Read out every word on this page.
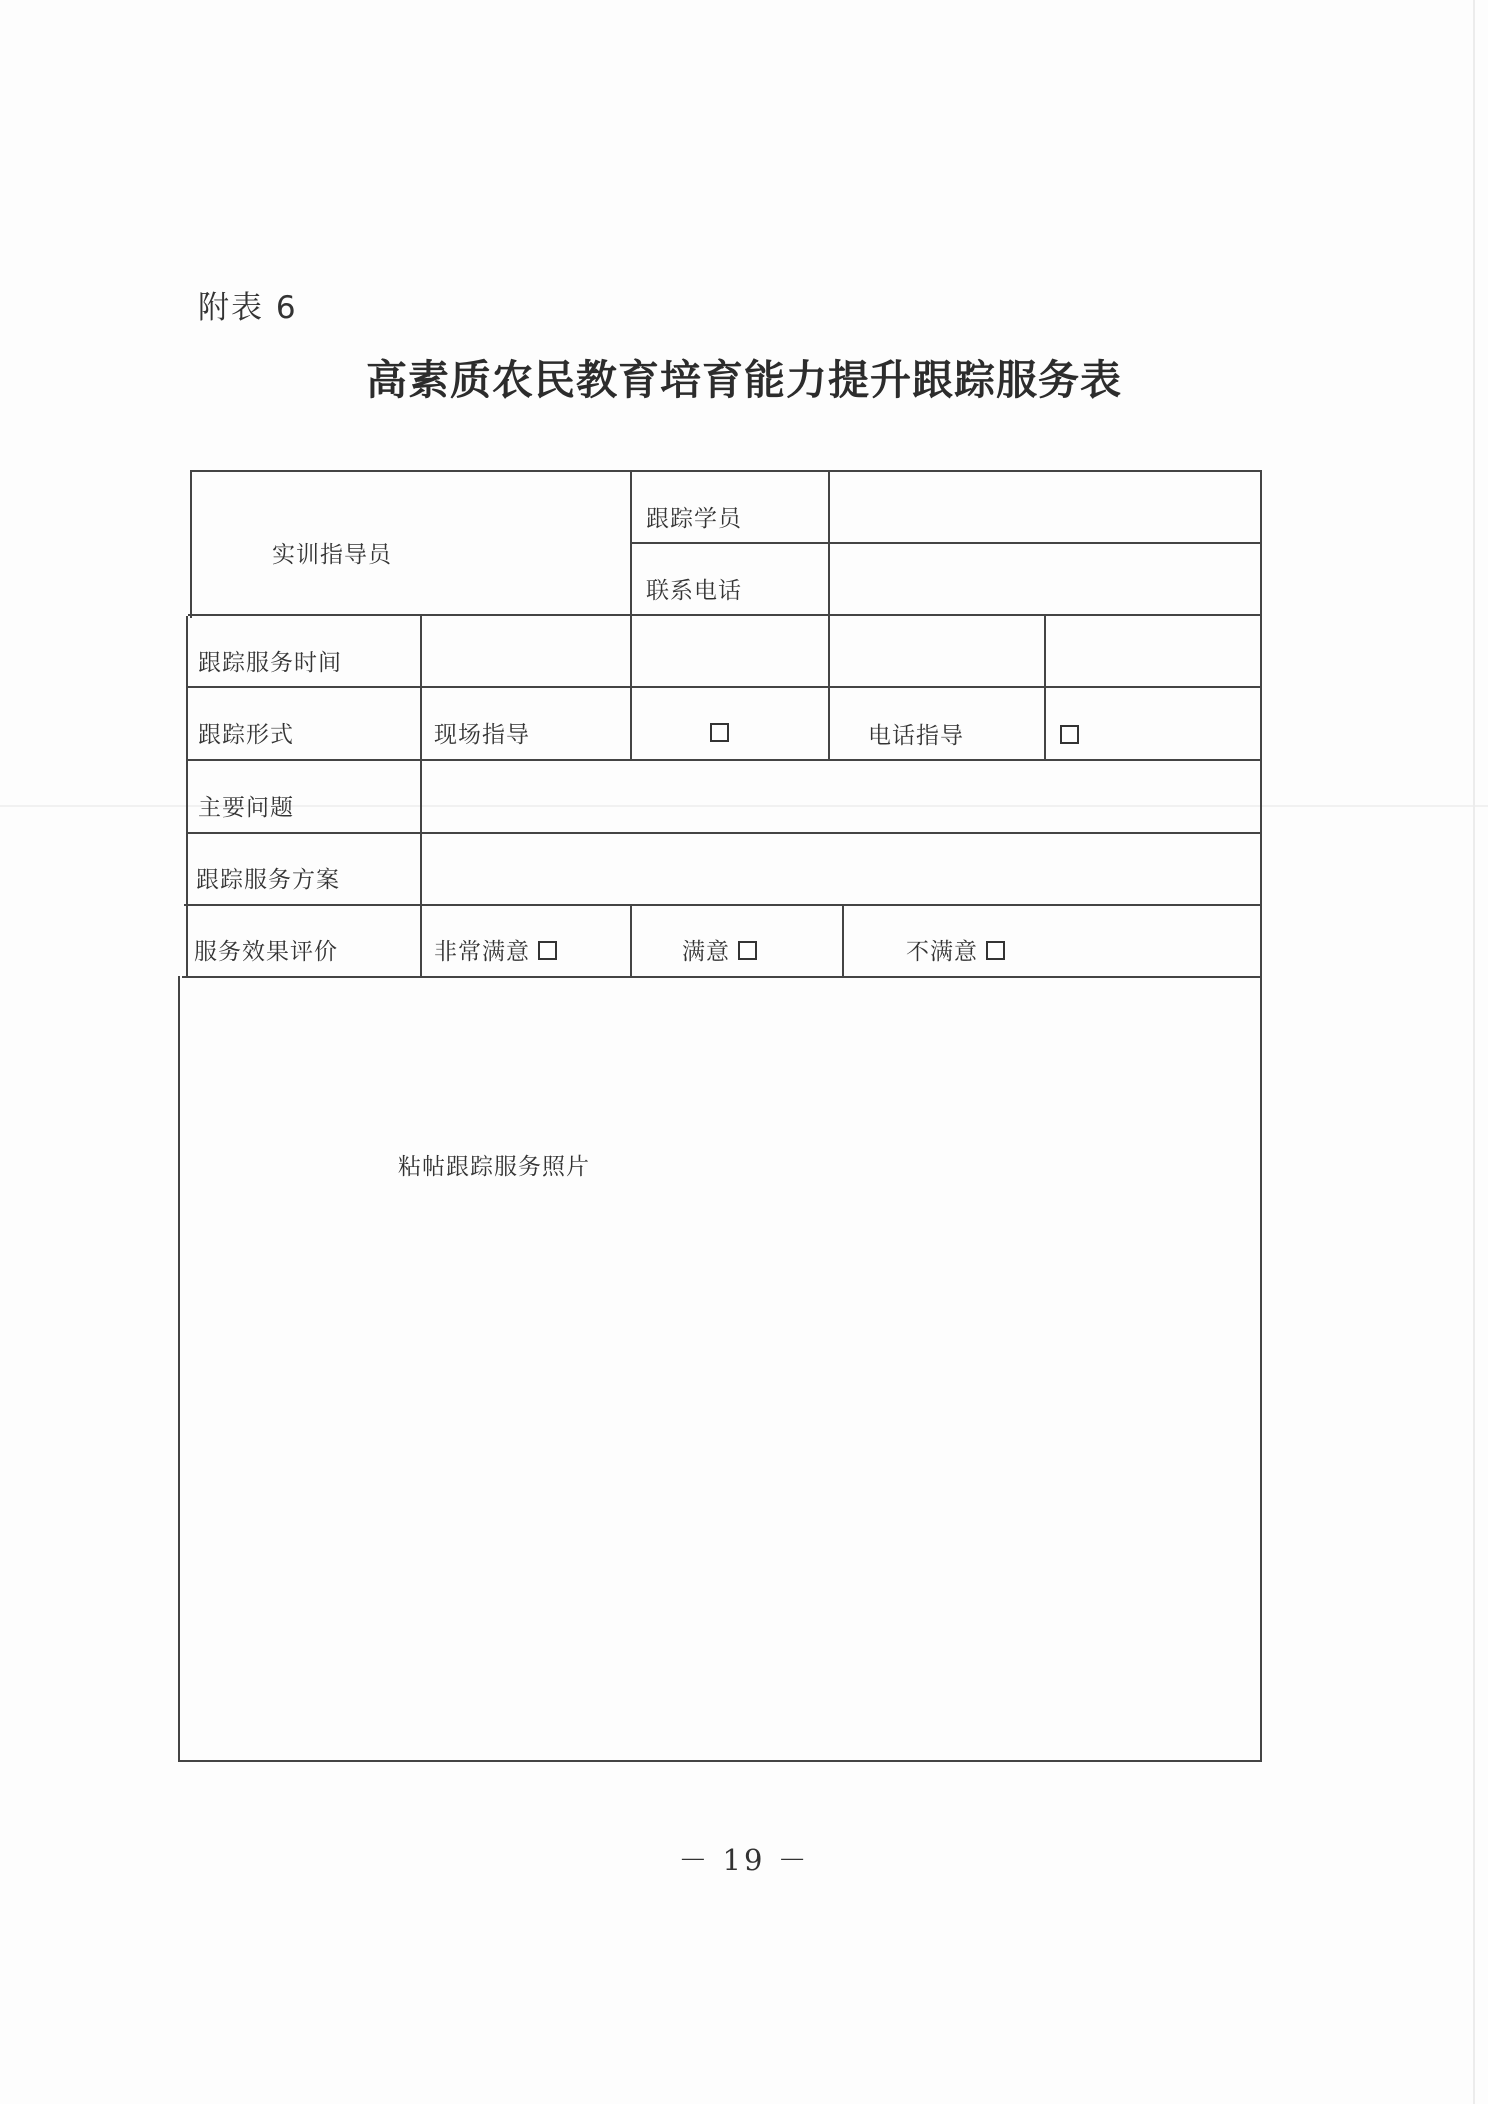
附表 6
高素质农民教育培育能力提升跟踪服务表
实训指导员
跟踪学员
联系电话
跟踪服务时间
跟踪形式	现场指导	电话指导
主要问题
跟踪服务方案
服务效果评价	非常满意	满意	不满意
粘帖跟踪服务照片
－ 19 －
